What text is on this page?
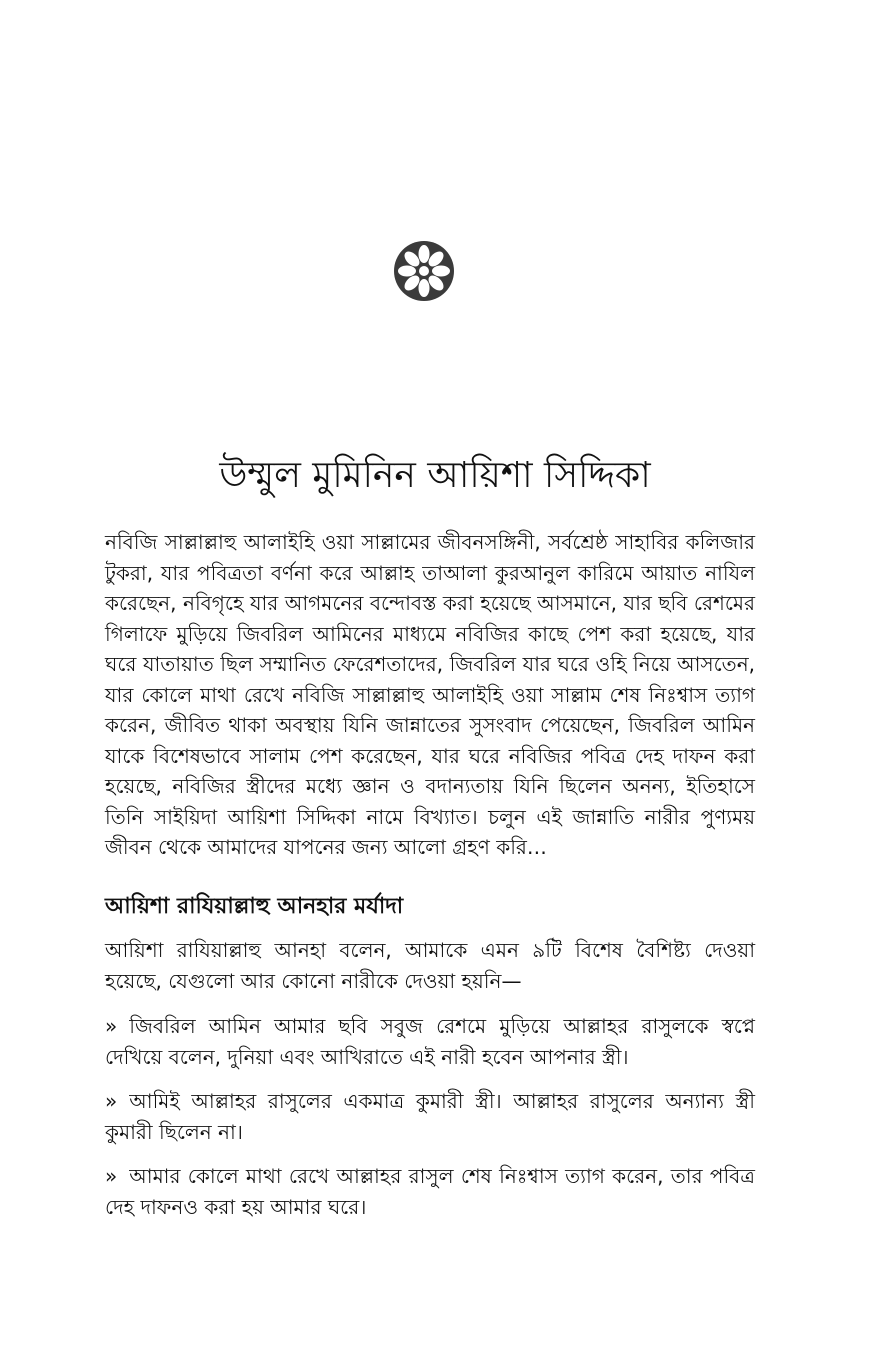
উম্মুল মুমিনিন আয়িশা সিদ্দিকা

নবিজি সাল্লাল্লাহু আলাইহি ওয়া সাল্লামের জীবনসঙ্গিনী, সর্বশ্রেষ্ঠ সাহাবির কলিজার টুকরা, যার পবিত্রতা বর্ণনা করে আল্লাহ তাআলা কুরআনুল কারিমে আয়াত নাযিল করেছেন, নবিগৃহে যার আগমনের বন্দোবস্ত করা হয়েছে আসমানে, যার ছবি রেশমের গিলাফে মুড়িয়ে জিবরিল আমিনের মাধ্যমে নবিজির কাছে পেশ করা হয়েছে, যার ঘরে যাতায়াত ছিল সম্মানিত ফেরেশতাদের, জিবরিল যার ঘরে ওহি নিয়ে আসতেন, যার কোলে মাথা রেখে নবিজি সাল্লাল্লাহু আলাইহি ওয়া সাল্লাম শেষ নিঃশ্বাস ত্যাগ করেন, জীবিত থাকা অবস্থায় যিনি জান্নাতের সুসংবাদ পেয়েছেন, জিবরিল আমিন যাকে বিশেষভাবে সালাম পেশ করেছেন, যার ঘরে নবিজির পবিত্র দেহ দাফন করা হয়েছে, নবিজির স্ত্রীদের মধ্যে জ্ঞান ও বদান্যতায় যিনি ছিলেন অনন্য, ইতিহাসে তিনি সাইয়িদা আয়িশা সিদ্দিকা নামে বিখ্যাত। চলুন এই জান্নাতি নারীর পুণ্যময় জীবন থেকে আমাদের যাপনের জন্য আলো গ্রহণ করি…

আয়িশা রাযিয়াল্লাহু আনহার মর্যাদা

আয়িশা রাযিয়াল্লাহু আনহা বলেন, আমাকে এমন ৯টি বিশেষ বৈশিষ্ট্য দেওয়া হয়েছে, যেগুলো আর কোনো নারীকে দেওয়া হয়নি—

» জিবরিল আমিন আমার ছবি সবুজ রেশমে মুড়িয়ে আল্লাহর রাসুলকে স্বপ্নে দেখিয়ে বলেন, দুনিয়া এবং আখিরাতে এই নারী হবেন আপনার স্ত্রী।
» আমিই আল্লাহর রাসুলের একমাত্র কুমারী স্ত্রী। আল্লাহর রাসুলের অন্যান্য স্ত্রী কুমারী ছিলেন না।
» আমার কোলে মাথা রেখে আল্লাহর রাসুল শেষ নিঃশ্বাস ত্যাগ করেন, তার পবিত্র দেহ দাফনও করা হয় আমার ঘরে।
